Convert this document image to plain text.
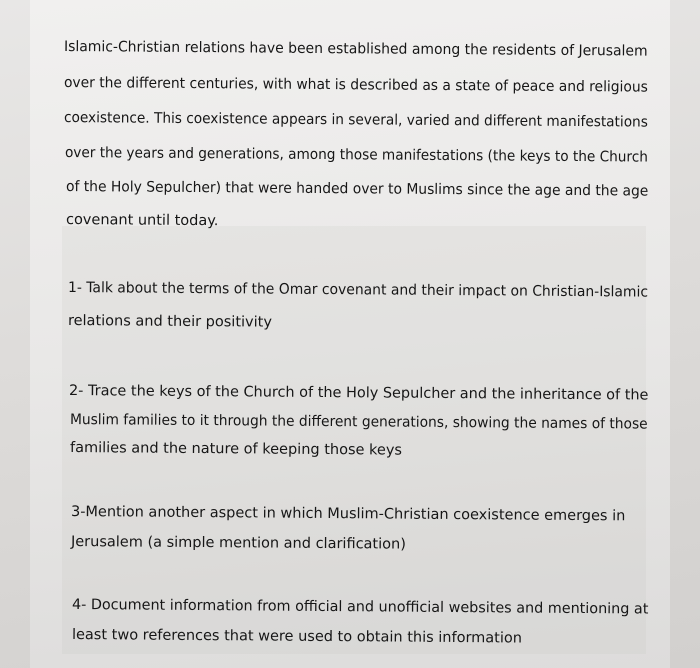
Islamic-Christian relations have been established among the residents of Jerusalem

over the different centuries, with what is described as a state of peace and religious

coexistence. This coexistence appears in several, varied and different manifestations

over the years and generations, among those manifestations (the keys to the Church

of the Holy Sepulcher) that were handed over to Muslims since the age and the age

covenant until today.

1- Talk about the terms of the Omar covenant and their impact on Christian-Islamic

relations and their positivity

2- Trace the keys of the Church of the Holy Sepulcher and the inheritance of the

Muslim families to it through the different generations, showing the names of those

families and the nature of keeping those keys

3-Mention another aspect in which Muslim-Christian coexistence emerges in

Jerusalem (a simple mention and clarification)

4- Document information from official and unofficial websites and mentioning at

least two references that were used to obtain this information
